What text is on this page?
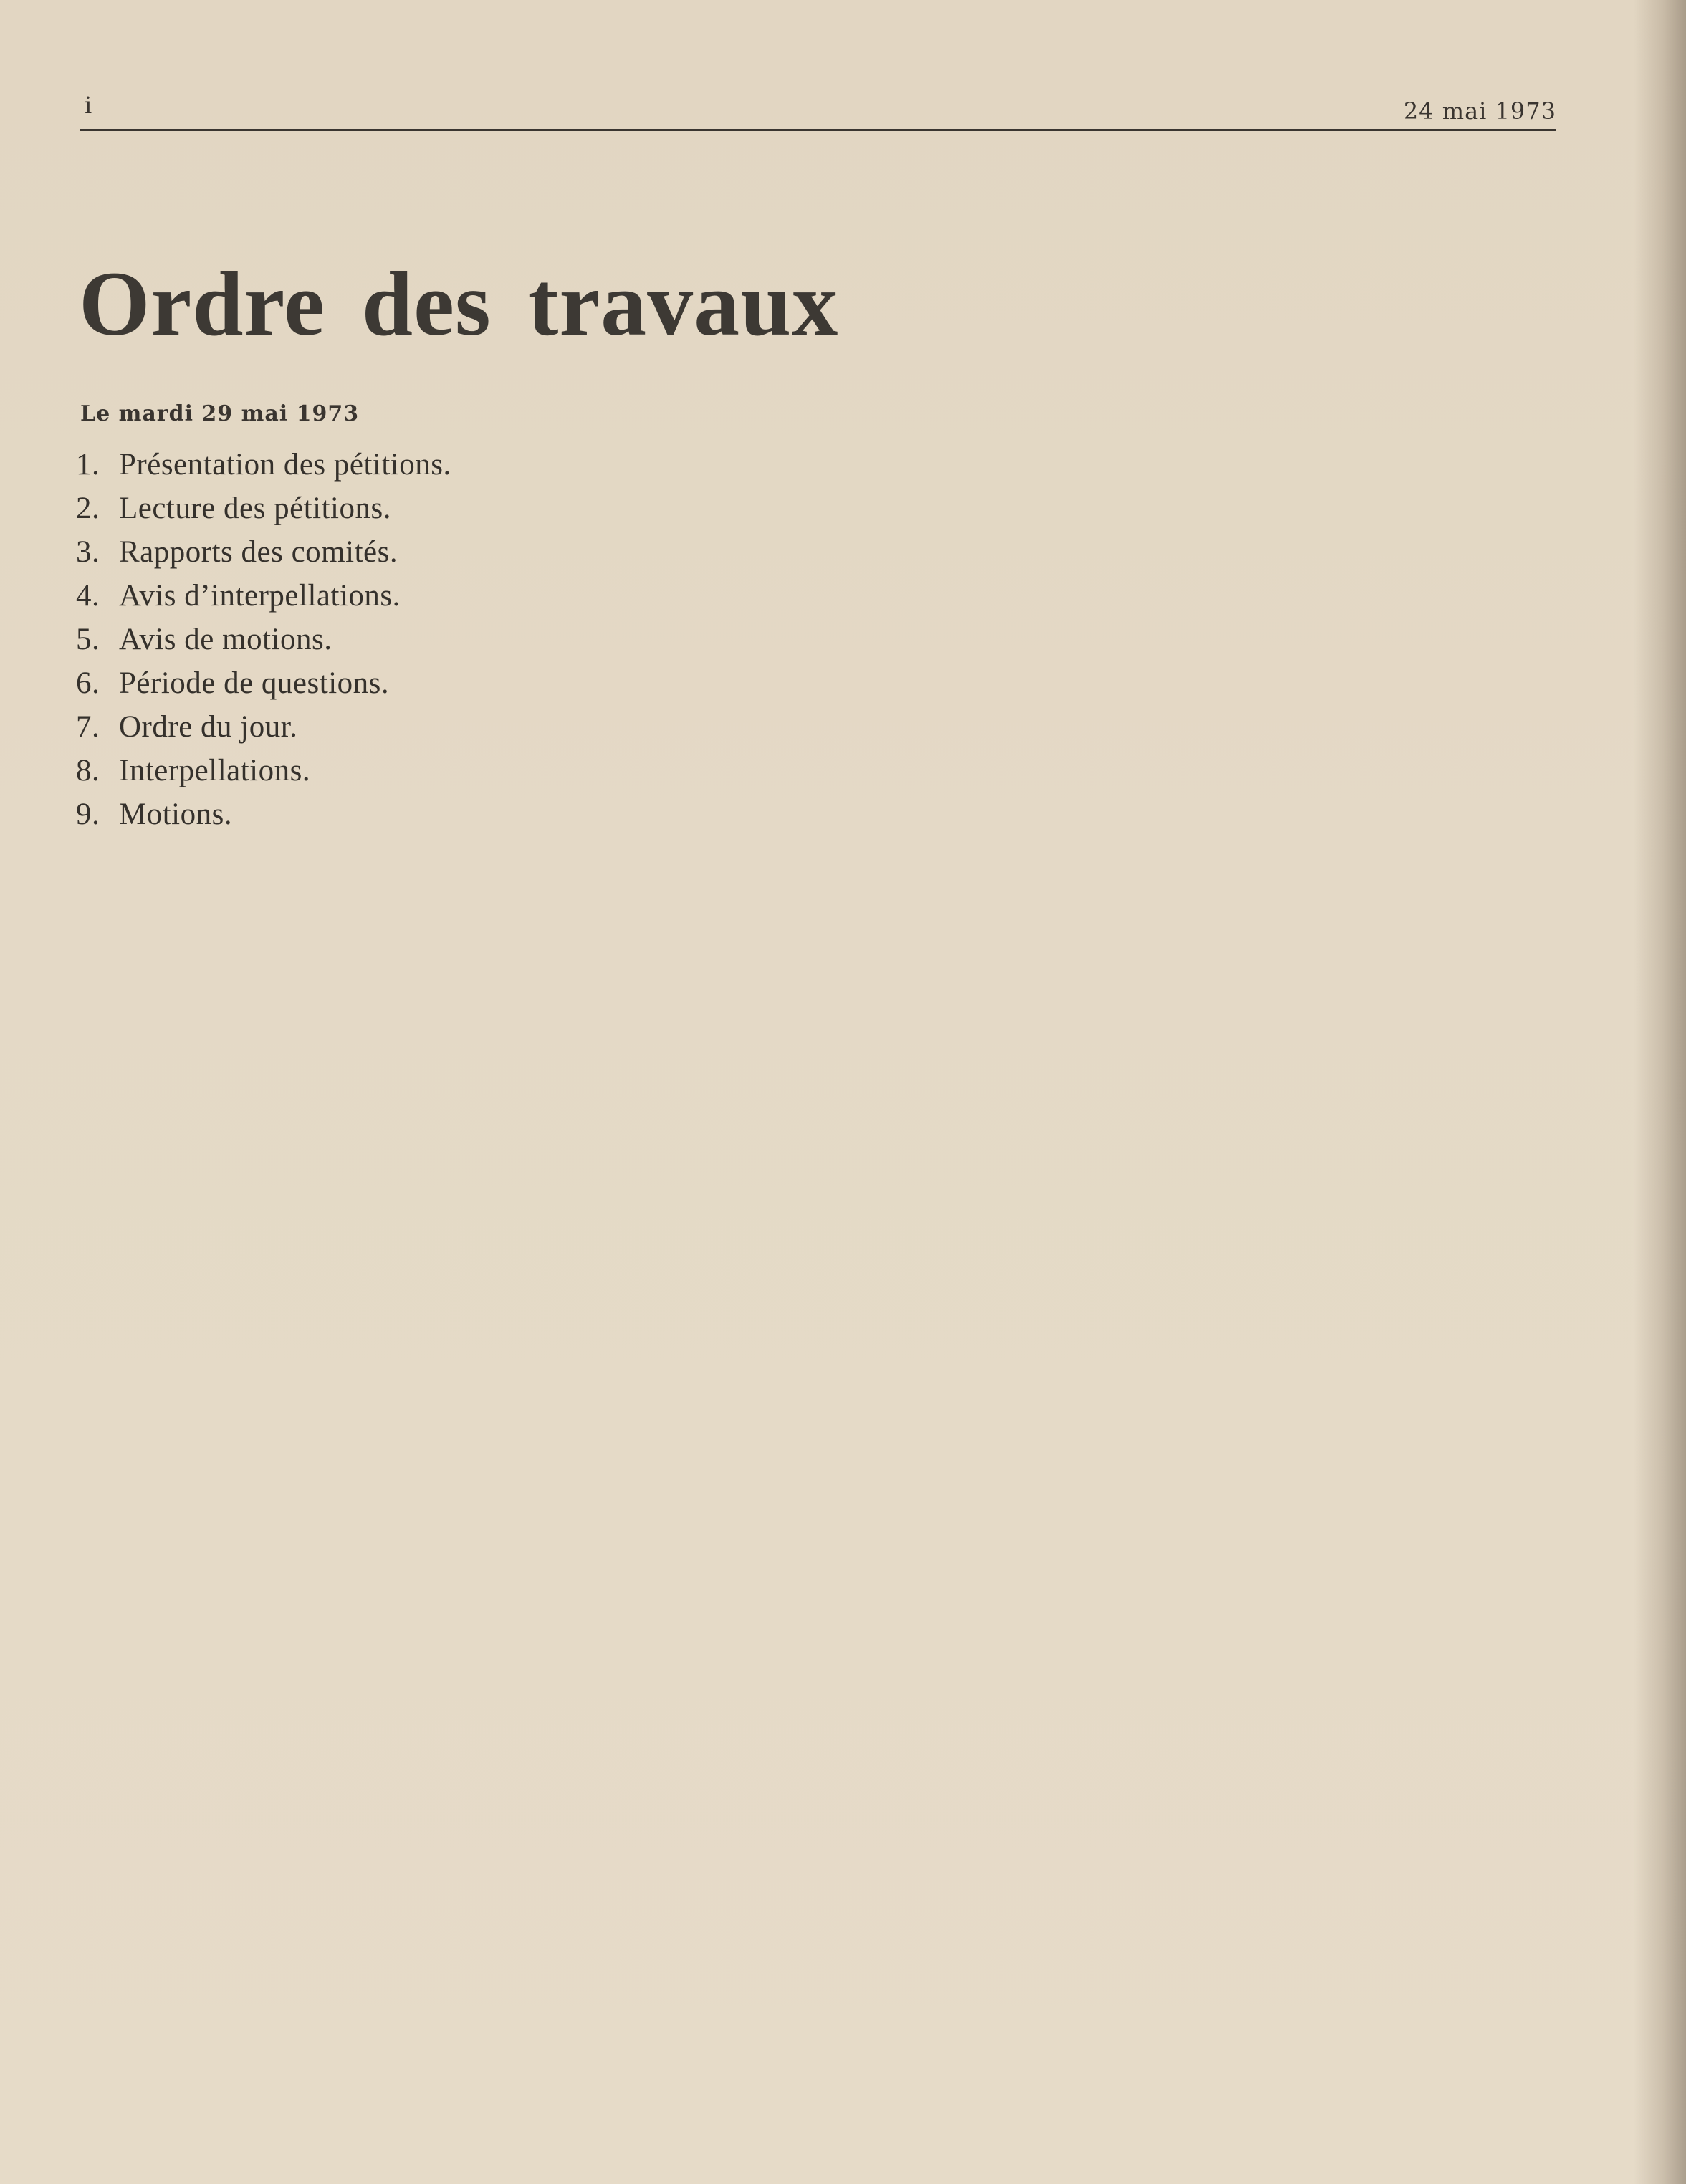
i	24 mai 1973
Ordre des travaux
Le mardi 29 mai 1973
1. Présentation des pétitions.
2. Lecture des pétitions.
3. Rapports des comités.
4. Avis d’interpellations.
5. Avis de motions.
6. Période de questions.
7. Ordre du jour.
8. Interpellations.
9. Motions.
